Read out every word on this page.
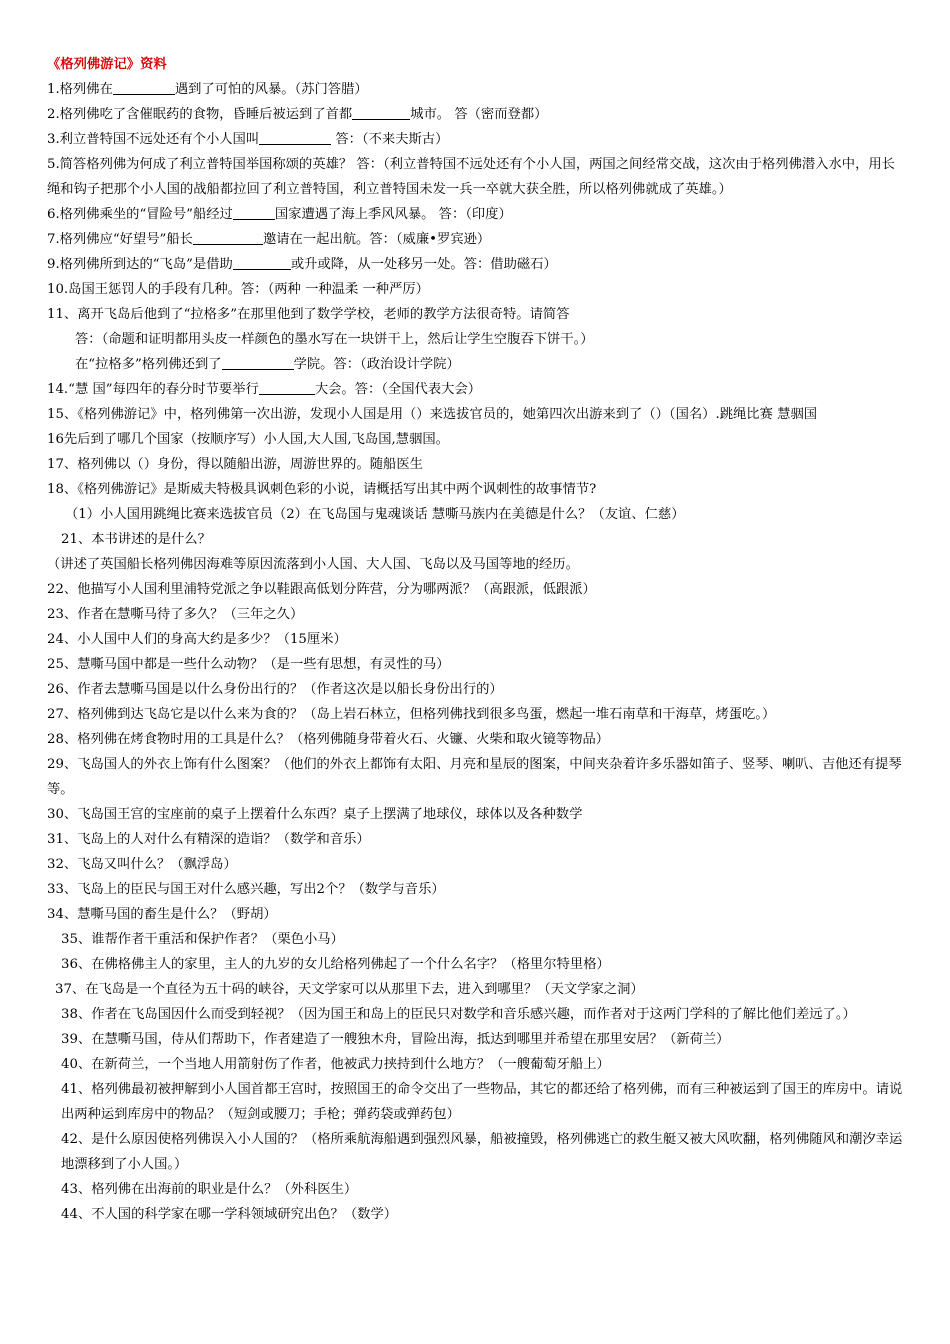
《格列佛游记》资料
1.格列佛在	遇到了可怕的风暴。（苏门答腊）
2.格列佛吃了含催眠药的食物，昏睡后被运到了首都	城市。 答（密而登都）
3.利立普特国不远处还有个小人国叫	答：（不来夫斯古）
5.简答格列佛为何成了利立普特国举国称颂的英雄？ 答：（利立普特国不远处还有个小人国，两国之间经常交战，这次由于格列佛潜入水中，用长绳和钩子把那个小人国的战船都拉回了利立普特国，利立普特国未发一兵一卒就大获全胜，所以格列佛就成了英雄。）
6.格列佛乘坐的“冒险号”船经过	国家遭遇了海上季风风暴。 答：（印度）
7.格列佛应“好望号”船长	邀请在一起出航。答：（威廉•罗宾逊）
9.格列佛所到达的“飞岛”是借助	或升或降，从一处移另一处。答：借助磁石）
10.岛国王惩罚人的手段有几种。答：（两种 一种温柔 一种严厉）
11、离开飞岛后他到了“拉格多”在那里他到了数学学校，老师的教学方法很奇特。请简答
答：（命题和证明都用头皮一样颜色的墨水写在一块饼干上，然后让学生空腹吞下饼干。）
在“拉格多”格列佛还到了	学院。答：（政治设计学院）
14.“慧 国”每四年的春分时节要举行	大会。答：（全国代表大会）
15、《格列佛游记》中，格列佛第一次出游，发现小人国是用（）来选拔官员的，她第四次出游来到了（）（国名）.跳绳比赛 慧骃国
16先后到了哪几个国家（按顺序写）小人国,大人国,飞岛国,慧骃国。
17、格列佛以（）身份，得以随船出游，周游世界的。随船医生
18、《格列佛游记》是斯威夫特极具讽刺色彩的小说，请概括写出其中两个讽刺性的故事情节?
（1）小人国用跳绳比赛来选拔官员（2）在飞岛国与鬼魂谈话 慧嘶马族内在美德是什么？（友谊、仁慈）
21、本书讲述的是什么？
（讲述了英国船长格列佛因海难等原因流落到小人国、大人国、飞岛以及马国等地的经历。
22、他描写小人国利里浦特党派之争以鞋跟高低划分阵营，分为哪两派？（高跟派，低跟派）
23、作者在慧嘶马待了多久？（三年之久）
24、小人国中人们的身高大约是多少？（15厘米）
25、慧嘶马国中都是一些什么动物？（是一些有思想，有灵性的马）
26、作者去慧嘶马国是以什么身份出行的？（作者这次是以船长身份出行的）
27、格列佛到达飞岛它是以什么来为食的？（岛上岩石林立，但格列佛找到很多鸟蛋，燃起一堆石南草和干海草，烤蛋吃。）
28、格列佛在烤食物时用的工具是什么？（格列佛随身带着火石、火镰、火柴和取火镜等物品）
29、飞岛国人的外衣上饰有什么图案？（他们的外衣上都饰有太阳、月亮和星辰的图案，中间夹杂着许多乐器如笛子、竖琴、喇叭、吉他还有提琴等。
30、飞岛国王宫的宝座前的桌子上摆着什么东西？桌子上摆满了地球仪，球体以及各种数学
31、飞岛上的人对什么有精深的造诣？（数学和音乐）
32、飞岛又叫什么？（飘浮岛）
33、飞岛上的臣民与国王对什么感兴趣，写出2个？（数学与音乐）
34、慧嘶马国的畜生是什么？（野胡）
35、谁帮作者干重活和保护作者？（栗色小马）
36、在佛格佛主人的家里，主人的九岁的女儿给格列佛起了一个什么名字？（格里尔特里格）
37、在飞岛是一个直径为五十码的峡谷，天文学家可以从那里下去，进入到哪里？（天文学家之洞）
38、作者在飞岛国因什么而受到轻视？（因为国王和岛上的臣民只对数学和音乐感兴趣，而作者对于这两门学科的了解比他们差远了。）
39、在慧嘶马国，侍从们帮助下，作者建造了一艘独木舟，冒险出海，抵达到哪里并希望在那里安居？（新荷兰）
40、在新荷兰，一个当地人用箭射伤了作者，他被武力挟持到什么地方？（一艘葡萄牙船上）
41、格列佛最初被押解到小人国首都王宫时，按照国王的命令交出了一些物品，其它的都还给了格列佛，而有三种被运到了国王的库房中。请说出两种运到库房中的物品？（短剑或腰刀；手枪；弹药袋或弹药包）
42、是什么原因使格列佛误入小人国的？（格所乘航海船遇到强烈风暴，船被撞毁，格列佛逃亡的救生艇又被大风吹翻，格列佛随风和潮汐幸运地漂移到了小人国。）
43、格列佛在出海前的职业是什么？（外科医生）
44、不人国的科学家在哪一学科领域研究出色？（数学）
